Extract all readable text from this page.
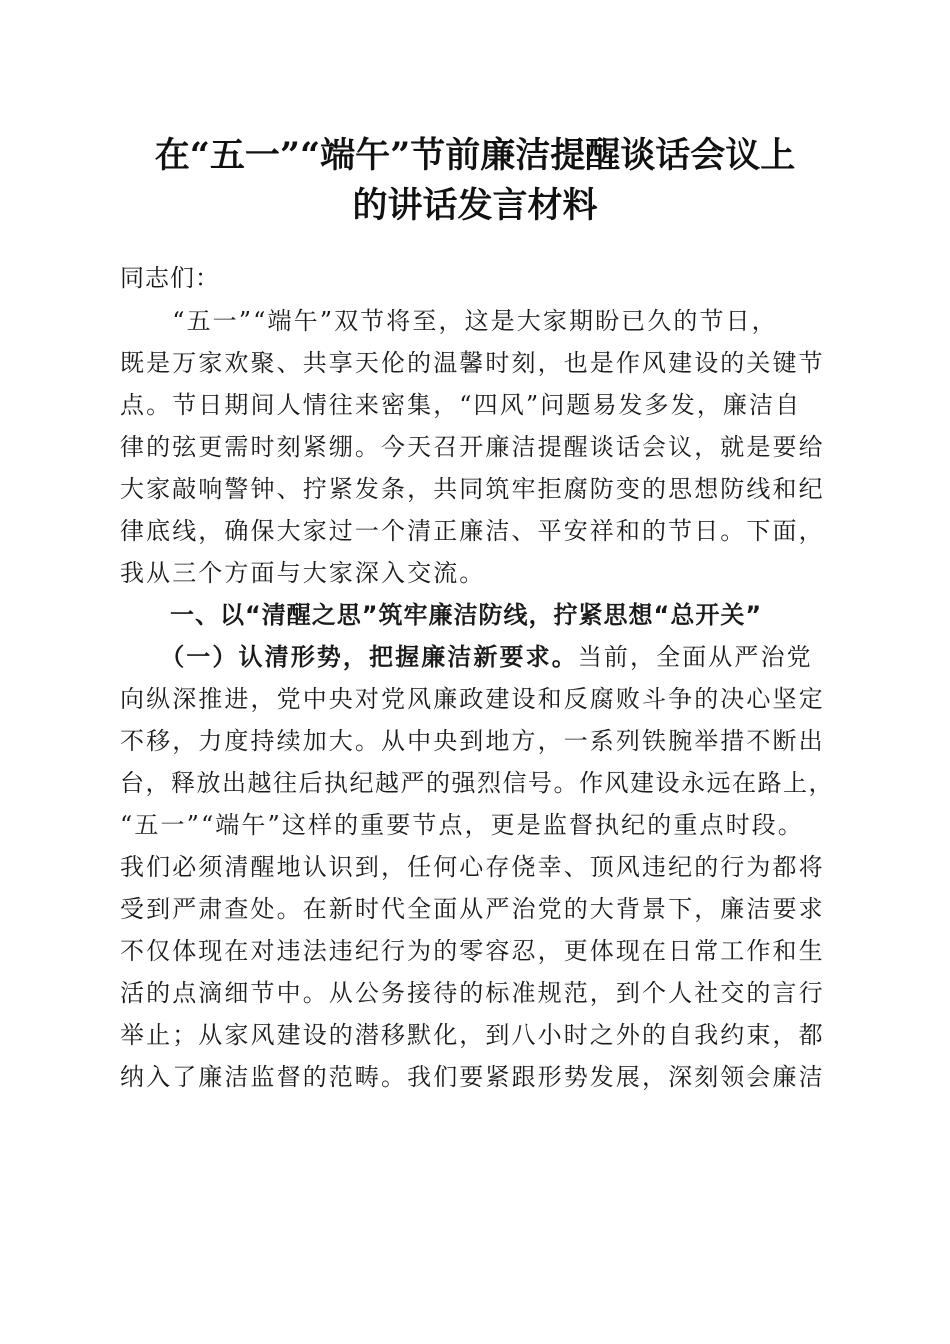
在“五一”“端午”节前廉洁提醒谈话会议上
的讲话发言材料
同志们：
　　“五一”“端午”双节将至，这是大家期盼已久的节日，
既是万家欢聚、共享天伦的温馨时刻，也是作风建设的关键节
点。节日期间人情往来密集，“四风”问题易发多发，廉洁自
律的弦更需时刻紧绷。今天召开廉洁提醒谈话会议，就是要给
大家敲响警钟、拧紧发条，共同筑牢拒腐防变的思想防线和纪
律底线，确保大家过一个清正廉洁、平安祥和的节日。下面，
我从三个方面与大家深入交流。
　　一、以“清醒之思”筑牢廉洁防线，拧紧思想“总开关”
　　（一）认清形势，把握廉洁新要求。当前，全面从严治党
向纵深推进，党中央对党风廉政建设和反腐败斗争的决心坚定
不移，力度持续加大。从中央到地方，一系列铁腕举措不断出
台，释放出越往后执纪越严的强烈信号。作风建设永远在路上，
“五一”“端午”这样的重要节点，更是监督执纪的重点时段。
我们必须清醒地认识到，任何心存侥幸、顶风违纪的行为都将
受到严肃查处。在新时代全面从严治党的大背景下，廉洁要求
不仅体现在对违法违纪行为的零容忍，更体现在日常工作和生
活的点滴细节中。从公务接待的标准规范，到个人社交的言行
举止；从家风建设的潜移默化，到八小时之外的自我约束，都
纳入了廉洁监督的范畴。我们要紧跟形势发展，深刻领会廉洁
